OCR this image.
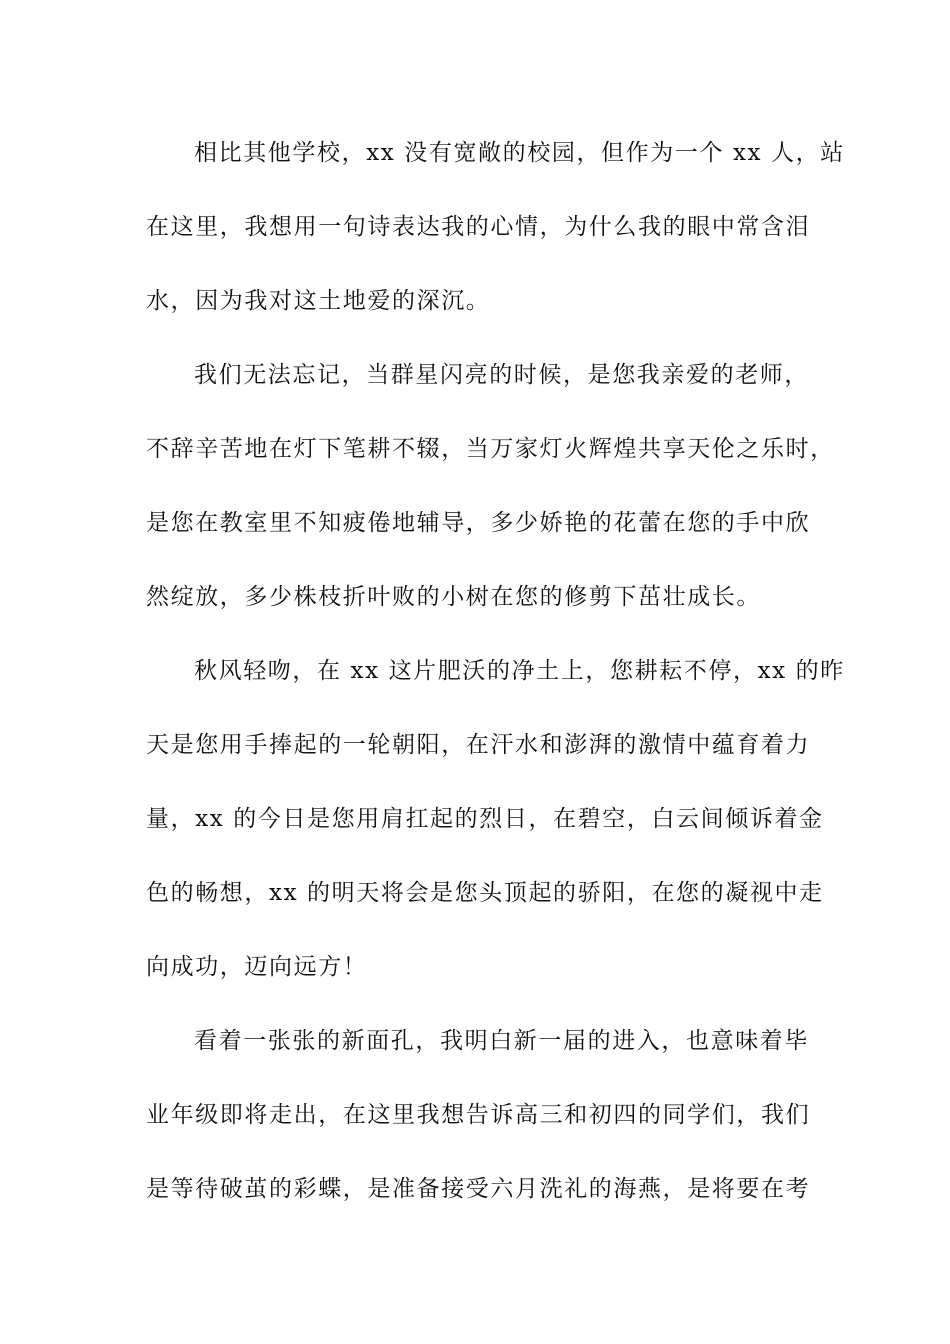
相比其他学校，xx 没有宽敞的校园，但作为一个 xx 人，站
在这里，我想用一句诗表达我的心情，为什么我的眼中常含泪
水，因为我对这土地爱的深沉。
我们无法忘记，当群星闪亮的时候，是您我亲爱的老师，
不辞辛苦地在灯下笔耕不辍，当万家灯火辉煌共享天伦之乐时，
是您在教室里不知疲倦地辅导，多少娇艳的花蕾在您的手中欣
然绽放，多少株枝折叶败的小树在您的修剪下茁壮成长。
秋风轻吻，在 xx 这片肥沃的净土上，您耕耘不停，xx 的昨
天是您用手捧起的一轮朝阳，在汗水和澎湃的激情中蕴育着力
量，xx 的今日是您用肩扛起的烈日，在碧空，白云间倾诉着金
色的畅想，xx 的明天将会是您头顶起的骄阳，在您的凝视中走
向成功，迈向远方！
看着一张张的新面孔，我明白新一届的进入，也意味着毕
业年级即将走出，在这里我想告诉高三和初四的同学们，我们
是等待破茧的彩蝶，是准备接受六月洗礼的海燕，是将要在考
